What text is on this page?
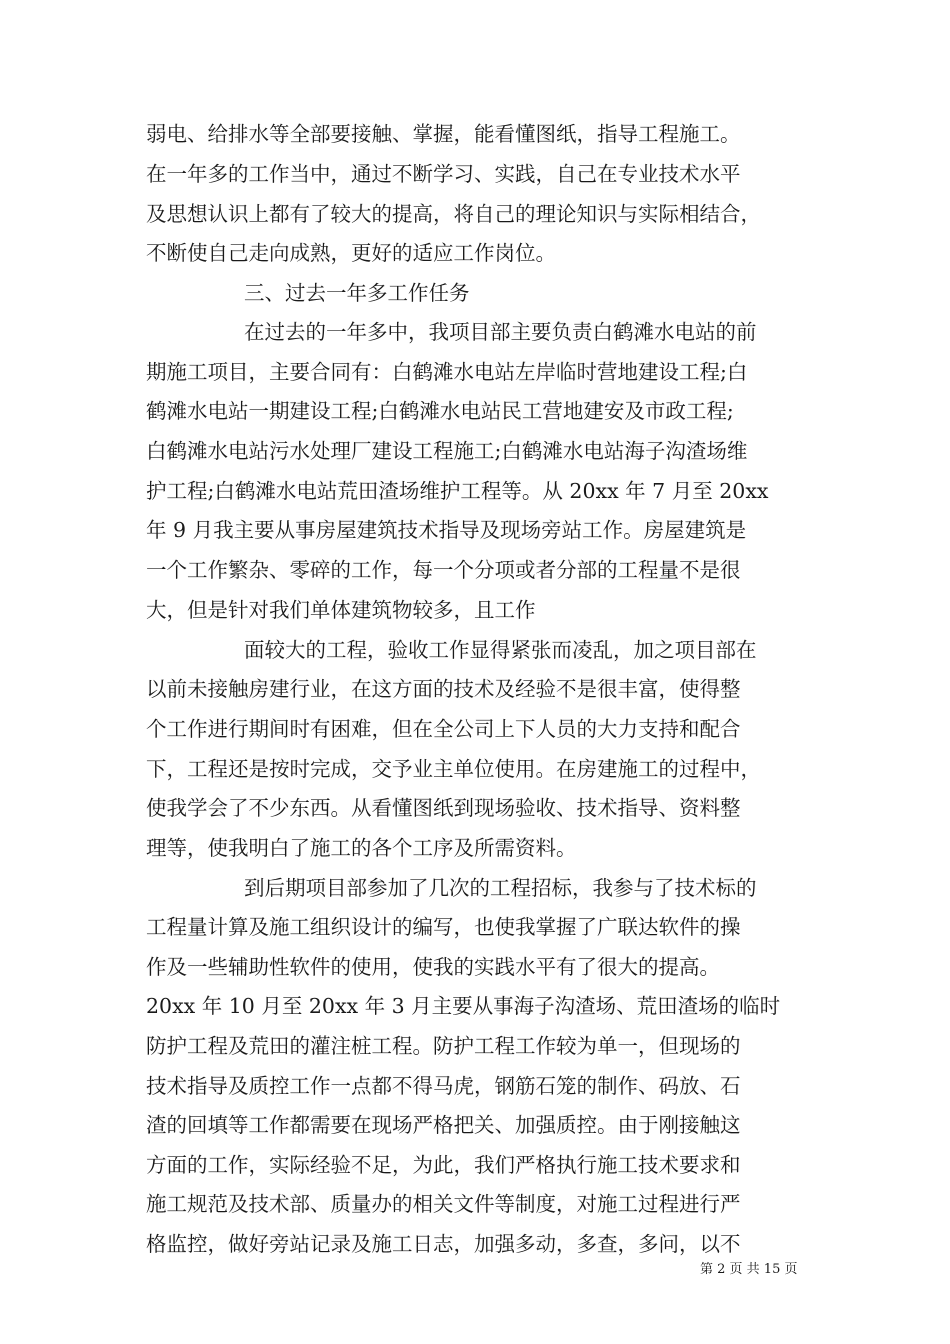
弱电、给排水等全部要接触、掌握，能看懂图纸，指导工程施工。
在一年多的工作当中，通过不断学习、实践，自己在专业技术水平
及思想认识上都有了较大的提高，将自己的理论知识与实际相结合，
不断使自己走向成熟，更好的适应工作岗位。
三、过去一年多工作任务
在过去的一年多中，我项目部主要负责白鹤滩水电站的前
期施工项目，主要合同有：白鹤滩水电站左岸临时营地建设工程;白
鹤滩水电站一期建设工程;白鹤滩水电站民工营地建安及市政工程;
白鹤滩水电站污水处理厂建设工程施工;白鹤滩水电站海子沟渣场维
护工程;白鹤滩水电站荒田渣场维护工程等。从 20xx 年 7 月至 20xx
年 9 月我主要从事房屋建筑技术指导及现场旁站工作。房屋建筑是
一个工作繁杂、零碎的工作，每一个分项或者分部的工程量不是很
大，但是针对我们单体建筑物较多，且工作
面较大的工程，验收工作显得紧张而凌乱，加之项目部在
以前未接触房建行业，在这方面的技术及经验不是很丰富，使得整
个工作进行期间时有困难，但在全公司上下人员的大力支持和配合
下，工程还是按时完成，交予业主单位使用。在房建施工的过程中，
使我学会了不少东西。从看懂图纸到现场验收、技术指导、资料整
理等，使我明白了施工的各个工序及所需资料。
到后期项目部参加了几次的工程招标，我参与了技术标的
工程量计算及施工组织设计的编写，也使我掌握了广联达软件的操
作及一些辅助性软件的使用，使我的实践水平有了很大的提高。
20xx 年 10 月至 20xx 年 3 月主要从事海子沟渣场、荒田渣场的临时
防护工程及荒田的灌注桩工程。防护工程工作较为单一，但现场的
技术指导及质控工作一点都不得马虎，钢筋石笼的制作、码放、石
渣的回填等工作都需要在现场严格把关、加强质控。由于刚接触这
方面的工作，实际经验不足，为此，我们严格执行施工技术要求和
施工规范及技术部、质量办的相关文件等制度，对施工过程进行严
格监控，做好旁站记录及施工日志，加强多动，多查，多问，以不
第 2 页 共 15 页
